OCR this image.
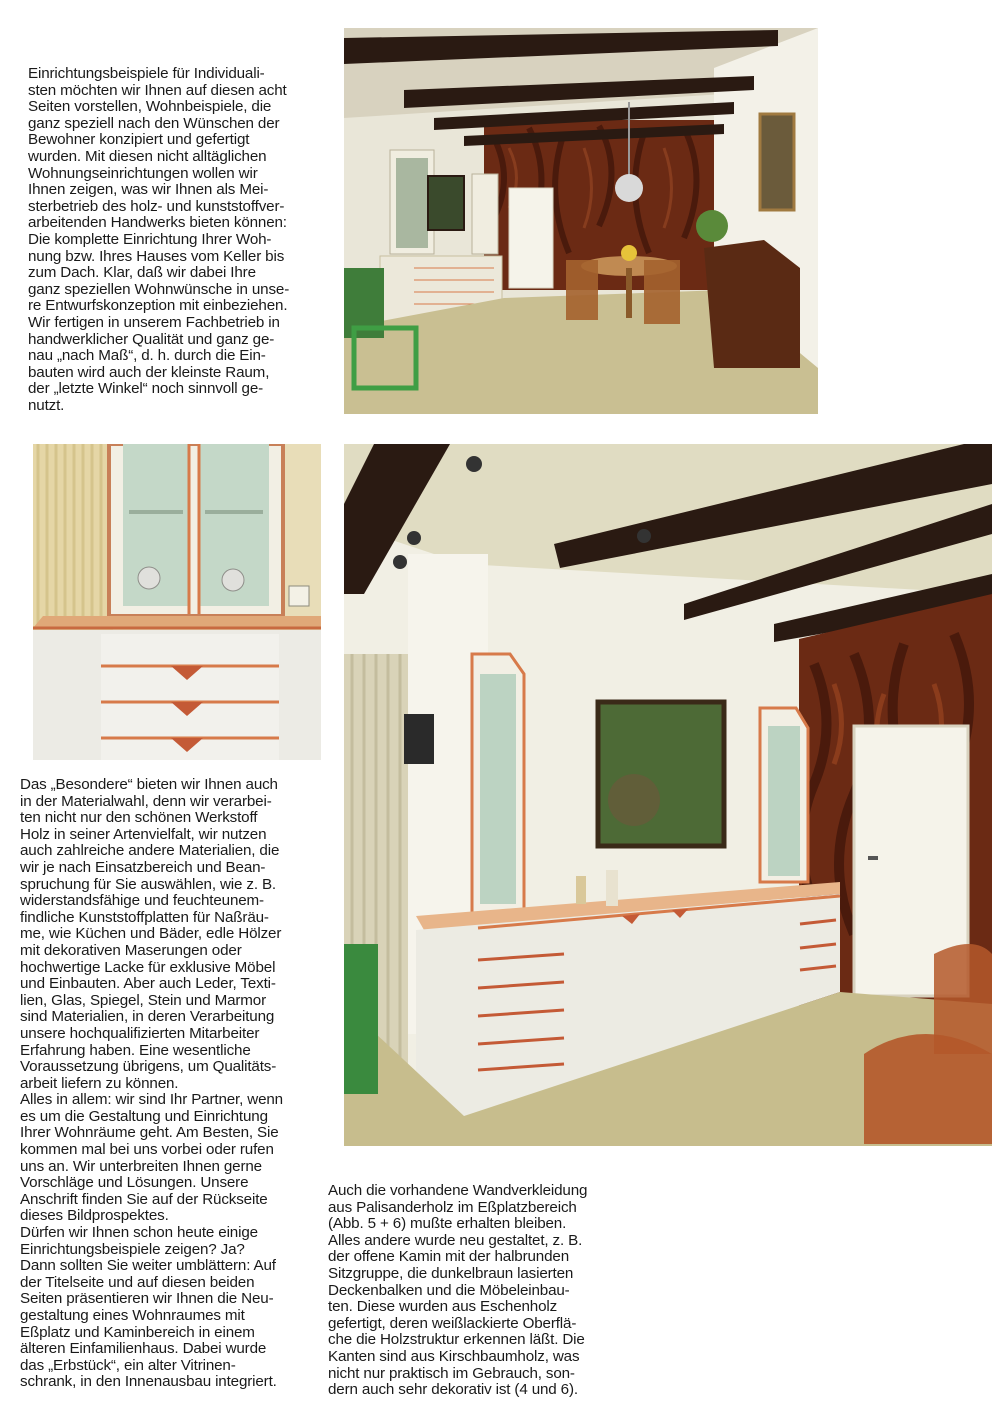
Einrichtungsbeispiele für Individuali-
sten möchten wir Ihnen auf diesen acht
Seiten vorstellen, Wohnbeispiele, die
ganz speziell nach den Wünschen der
Bewohner konzipiert und gefertigt
wurden. Mit diesen nicht alltäglichen
Wohnungseinrichtungen wollen wir
Ihnen zeigen, was wir Ihnen als Mei-
sterbetrieb des holz- und kunststoffver-
arbeitenden Handwerks bieten können:
Die komplette Einrichtung Ihrer Woh-
nung bzw. Ihres Hauses vom Keller bis
zum Dach. Klar, daß wir dabei Ihre
ganz speziellen Wohnwünsche in unse-
re Entwurfskonzeption mit einbeziehen.
Wir fertigen in unserem Fachbetrieb in
handwerklicher Qualität und ganz ge-
nau „nach Maß“, d. h. durch die Ein-
bauten wird auch der kleinste Raum,
der „letzte Winkel“ noch sinnvoll ge-
nutzt.
Das „Besondere“ bieten wir Ihnen auch
in der Materialwahl, denn wir verarbei-
ten nicht nur den schönen Werkstoff
Holz in seiner Artenvielfalt, wir nutzen
auch zahlreiche andere Materialien, die
wir je nach Einsatzbereich und Bean-
spruchung für Sie auswählen, wie z. B.
widerstandsfähige und feuchteunem-
findliche Kunststoffplatten für Naßräu-
me, wie Küchen und Bäder, edle Hölzer
mit dekorativen Maserungen oder
hochwertige Lacke für exklusive Möbel
und Einbauten. Aber auch Leder, Texti-
lien, Glas, Spiegel, Stein und Marmor
sind Materialien, in deren Verarbeitung
unsere hochqualifizierten Mitarbeiter
Erfahrung haben. Eine wesentliche
Voraussetzung übrigens, um Qualitäts-
arbeit liefern zu können.
Alles in allem: wir sind Ihr Partner, wenn
es um die Gestaltung und Einrichtung
Ihrer Wohnräume geht. Am Besten, Sie
kommen mal bei uns vorbei oder rufen
uns an. Wir unterbreiten Ihnen gerne
Vorschläge und Lösungen. Unsere
Anschrift finden Sie auf der Rückseite
dieses Bildprospektes.
Dürfen wir Ihnen schon heute einige
Einrichtungsbeispiele zeigen? Ja?
Dann sollten Sie weiter umblättern: Auf
der Titelseite und auf diesen beiden
Seiten präsentieren wir Ihnen die Neu-
gestaltung eines Wohnraumes mit
Eßplatz und Kaminbereich in einem
älteren Einfamilienhaus. Dabei wurde
das „Erbstück“, ein alter Vitrinen-
schrank, in den Innenausbau integriert.
Auch die vorhandene Wandverkleidung
aus Palisanderholz im Eßplatzbereich
(Abb. 5 + 6) mußte erhalten bleiben.
Alles andere wurde neu gestaltet, z. B.
der offene Kamin mit der halbrunden
Sitzgruppe, die dunkelbraun lasierten
Deckenbalken und die Möbeleinbau-
ten. Diese wurden aus Eschenholz
gefertigt, deren weißlackierte Oberflä-
che die Holzstruktur erkennen läßt. Die
Kanten sind aus Kirschbaumholz, was
nicht nur praktisch im Gebrauch, son-
dern auch sehr dekorativ ist (4 und 6).
